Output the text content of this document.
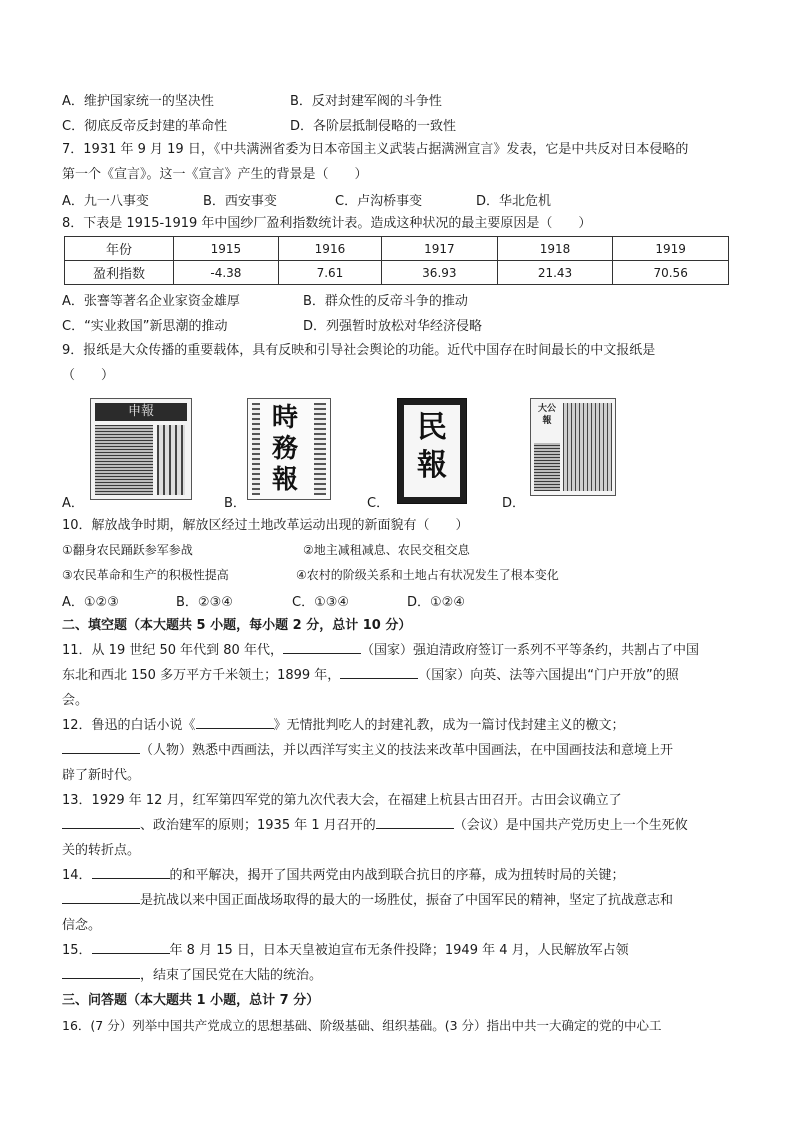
A．维护国家统一的坚决性	B．反对封建军阀的斗争性
C．彻底反帝反封建的革命性	D．各阶层抵制侵略的一致性
7．1931 年 9 月 19 日，《中共满洲省委为日本帝国主义武装占据满洲宣言》发表，它是中共反对日本侵略的
第一个《宣言》。这一《宣言》产生的背景是（　　）
A．九一八事变	B．西安事变	C．卢沟桥事变	D．华北危机
8．下表是 1915-1919 年中国纱厂盈利指数统计表。造成这种状况的最主要原因是（　　）
年份	1915	1916	1917	1918	1919
盈利指数	-4.38	7.61	36.93	21.43	70.56
A．张謇等著名企业家资金雄厚	B．群众性的反帝斗争的推动
C．“实业救国”新思潮的推动	D．列强暂时放松对华经济侵略
9．报纸是大众传播的重要载体，具有反映和引导社会舆论的功能。近代中国存在时间最长的中文报纸是
（　　）
申報	時務報
民報
大公報
A．	B．	C．	D．
10．解放战争时期，解放区经过土地改革运动出现的新面貌有（　　）
①翻身农民踊跃参军参战	②地主减租减息、农民交租交息
③农民革命和生产的积极性提高	④农村的阶级关系和土地占有状况发生了根本变化
A．①②③	B．②③④	C．①③④	D．①②④
二、填空题（本大题共 5 小题，每小题 2 分，总计 10 分）
11．从 19 世纪 50 年代到 80 年代，	（国家）强迫清政府签订一系列不平等条约，共割占了中国
东北和西北 150 多万平方千米领土；1899 年，	（国家）向英、法等六国提出“门户开放”的照
会。
12．鲁迅的白话小说《	》无情批判吃人的封建礼教，成为一篇讨伐封建主义的檄文；
（人物）熟悉中西画法，并以西洋写实主义的技法来改革中国画法，在中国画技法和意境上开
辟了新时代。
13．1929 年 12 月，红军第四军党的第九次代表大会，在福建上杭县古田召开。古田会议确立了
、政治建军的原则；1935 年 1 月召开的	（会议）是中国共产党历史上一个生死攸
关的转折点。
14．	的和平解决，揭开了国共两党由内战到联合抗日的序幕，成为扭转时局的关键；
是抗战以来中国正面战场取得的最大的一场胜仗，振奋了中国军民的精神，坚定了抗战意志和
信念。
15．	年 8 月 15 日，日本天皇被迫宣布无条件投降；1949 年 4 月，人民解放军占领
，结束了国民党在大陆的统治。
三、问答题（本大题共 1 小题，总计 7 分）
16．(7 分）列举中国共产党成立的思想基础、阶级基础、组织基础。(3 分）指出中共一大确定的党的中心工
